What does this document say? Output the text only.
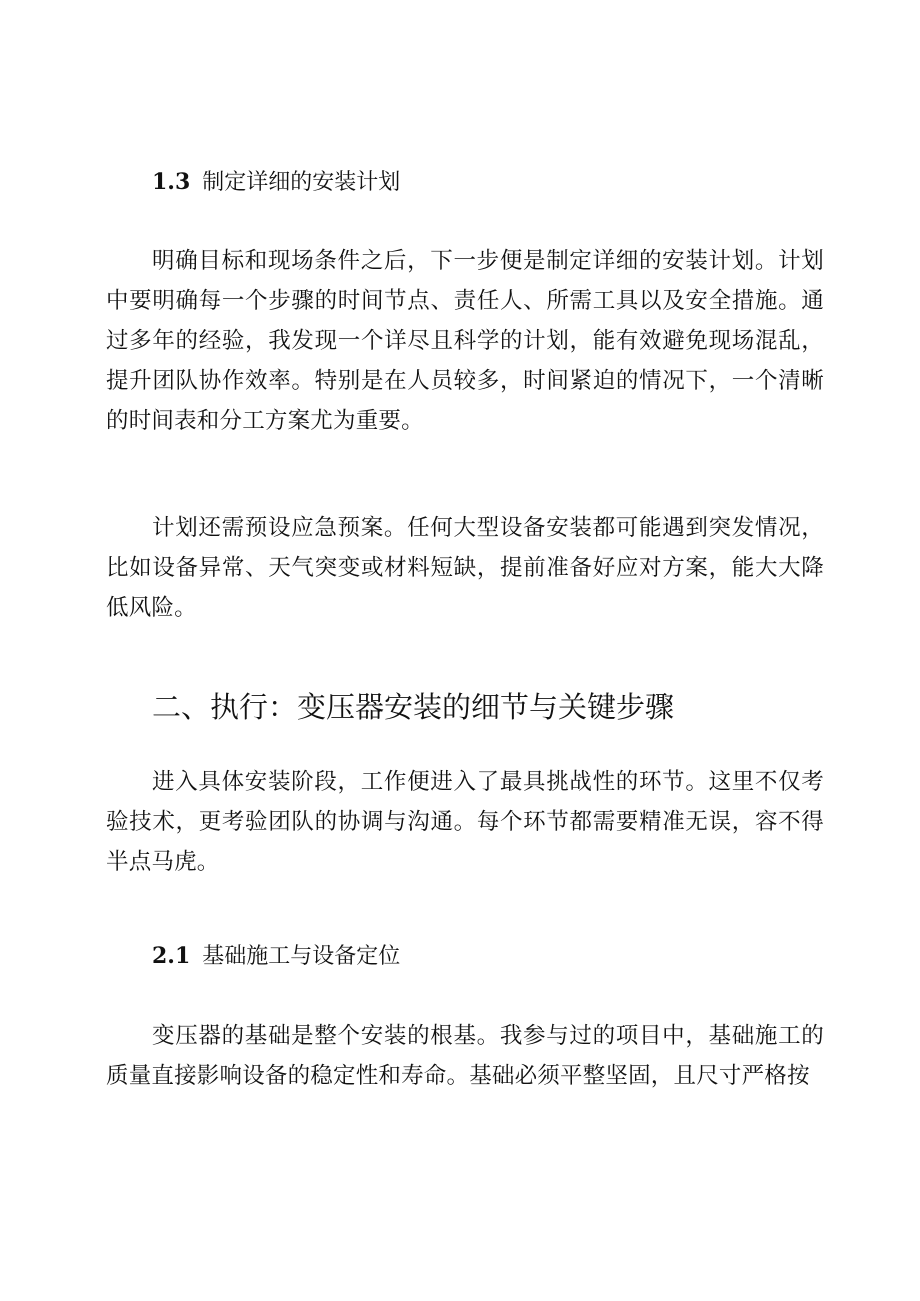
1.3 制定详细的安装计划

明确目标和现场条件之后，下一步便是制定详细的安装计划。计划中要明确每一个步骤的时间节点、责任人、所需工具以及安全措施。通过多年的经验，我发现一个详尽且科学的计划，能有效避免现场混乱，提升团队协作效率。特别是在人员较多，时间紧迫的情况下，一个清晰的时间表和分工方案尤为重要。

计划还需预设应急预案。任何大型设备安装都可能遇到突发情况，比如设备异常、天气突变或材料短缺，提前准备好应对方案，能大大降低风险。

二、执行：变压器安装的细节与关键步骤

进入具体安装阶段，工作便进入了最具挑战性的环节。这里不仅考验技术，更考验团队的协调与沟通。每个环节都需要精准无误，容不得半点马虎。

2.1 基础施工与设备定位

变压器的基础是整个安装的根基。我参与过的项目中，基础施工的质量直接影响设备的稳定性和寿命。基础必须平整坚固，且尺寸严格按
